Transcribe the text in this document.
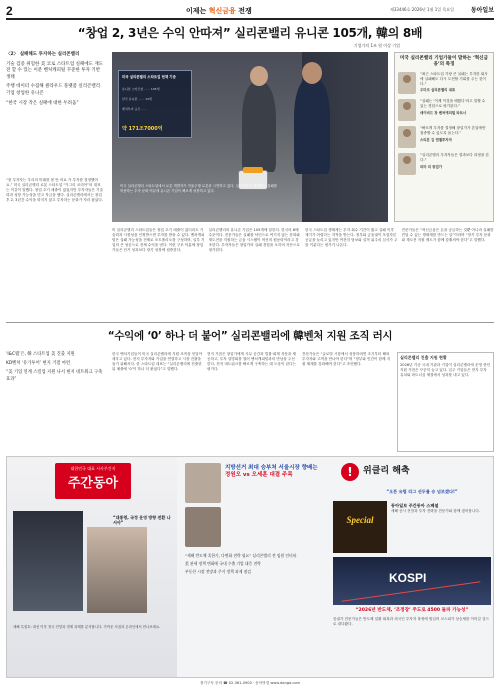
2	이제는 혁신금융 전쟁	제33446호 2026년 1월 1일 목요일	동아일보
“창업 2, 3년은 수익 안따져” 실리콘밸리 유니콘 105개, 韓의 8배
기업가치 1조 원 이상 기업

〈2〉 실패해도 투자하는 실리콘밸리

기술 검증 위험한 美 코로 스타트업 실패에도 재도전 할 수 있는 이분 벤처캐피털 꾸준한 투자 기반 생태

주행 데이터 수집해 클라우드 플랫폼 실리콘밸리 기업 창업한 유니콘

“한국 시장 작은 실패에 대한 두려움”

“첫 투자자는 우리의 미래를 볼 안 어요 가 투자를 결정했어요.” 미국 실리콘밸리 로봇 스타트업 “카그리 코리아”의 대표는 이같이 말했다. 창업 초기 매출이 없었지만 투자자들은 기술력과 성장 가능성을 믿고 자금을 댔다. 실리콘밸리에서는 창업 후 2, 3년간 수익을 따지지 않고 투자하는 문화가 자리 잡았다.
미국 실리콘밸리 스타트업 현재 기준
유니콘 스타트업 ······ 105개
한국 유니콘 ······ 13개
벤처투자 규모 ······
약 171조7000억
미국 실리콘밸리 스타트업에서 로봇 개발자가 자율주행 로봇을 시연하고 있다. 실리콘밸리 생태계는 실패를 허용하는 투자 문화 덕분에 유니콘 기업이 빠르게 성장하고 있다.
미국 실리콘밸리 기업가들이 말하는 ‘혁신금융’의 특징
“최근 스타트업 가장 큰 실패는 투자한 회사에 실패해도 다시 도전할 기회를 주는 것이다.”
우미크 실리콘밸리 대표
“실패는 ‘이제 이것을 배웠다’라고 말할 수 있는 경험으로 평가된다.”
데이비드 장 벤처캐피털 파트너
“빠르게 투자를 결정해 창업가가 본업에만 집중할 수 있도록 돕는다.”
스티븐 김 엔젤투자자
“실리콘밸리 투자자들은 결과보다 과정을 본다.”
피터 리 창업가
미 실리콘밸리 스타트업들은 창업 초기 매출이 없더라도 기술력과 시장성을 인정받으면 투자를 받을 수 있다. 벤처캐피털은 실패 가능성을 전제로 포트폴리오를 구성하며, 일부 기업의 큰 성공으로 전체 수익을 낸다. 이런 구조 덕분에 창업가들은 단기 성과보다 장기 성장에 집중한다.
실리콘밸리의 유니콘 기업은 105개에 달한다. 한국의 8배 수준이다. 전문가들은 실패를 낙인으로 여기지 않는 문화와 재도전을 지원하는 금융 시스템이 혁신의 원동력이라고 강조한다. 투자자들은 창업가의 실패 경험을 오히려 자산으로 평가한다.
한국 스타트업 생태계는 투자 회수 기간이 짧고 실패 이후 재기가 어렵다는 지적을 받는다. 정부와 금융권이 모험자본 공급을 늘리고 있지만 여전히 담보와 실적 위주의 심사가 주를 이룬다는 평가가 나온다.
전문가들은 “혁신금융은 돈을 공급하는 것뿐 아니라 실패를 견딜 수 있는 생태계를 만드는 일”이라며 “장기 투자 문화와 재도전 지원 제도가 함께 갖춰져야 한다”고 말했다.
“수익에 ‘0’ 하나 더 붙어” 실리콘밸리에 韓벤처 지원 조직 러시

‘I&C랩’은, 韓 스타트업 美 진출 지원

KD벤처 ‘유가투어’ 현지 거점 마련

“美 기업 연계 스킬업 지원 나서 현지 네트워크 구축 효과”

한국 벤처기업들이 미국 실리콘밸리에 지원 조직을 잇달아 세우고 있다. 현지 투자자와 기업을 연결하고 시장 진출을 돕기 위해서다. 한 스타트업 대표는 “실리콘밸리에 진출한 뒤 매출에 ‘0’이 하나 더 붙었다”고 말했다.
현지 거점은 창업가에게 사무 공간과 법률·회계 자문을 제공하고, 투자 설명회를 열어 벤처캐피털과의 만남을 주선한다. 현지 네트워크를 빠르게 구축하는 데 도움이 된다는 평가다.
전문가들은 “글로벌 시장에서 성장하려면 초기부터 해외 투자자와 고객을 만나야 한다”며 “정부와 민간이 함께 지원 체계를 강화해야 한다”고 조언했다.
실리콘밸리 진출 지원 현황
2026년 기준 국내 기관과 기업이 실리콘밸리에 운영 중인 지원 거점은 꾸준히 늘고 있다. 입주 기업들은 현지 투자 유치와 파트너십 체결에서 성과를 내고 있다.
대한민국 대표 시사주간지
주간동아
“대통령, 국정 운영 방향 전환 나서야”
새해 특집호: 대선 이후 정국 전망과 경제 과제를 분석합니다. 가까운 서점과 온라인에서 만나보세요.
지방선거 최대 승부처 서울시장 향배는
정원오 vs 오세훈 대결 주목

“새해 반도체 혹한기, 다변화 전략 필요” 실리콘밸리 전 임원 인터뷰

美 관세 정책 변화에 국내 수출 기업 대응 전략

부동산 시장 전망과 주거 정책 과제 점검

!	위클리 해축
“오픈 유럽 리그 선두를 승 넘보겠다!”
Special
동아일보 주간동아 스페셜
새해 증시 전망과 투자 전략을 전문가와 함께 짚어봅니다.
KOSPI
“2026년 반도체, ‘조정장’ 주도로 4500 돌파 가능성”
증권가 전문가들은 반도체 업황 회복과 외국인 투자자 복귀에 힘입어 코스피가 상승세를 이어갈 것으로 내다봤다.
정기구독 문의 ☎ 02-361-0900 · 동아닷컴 www.donga.com
